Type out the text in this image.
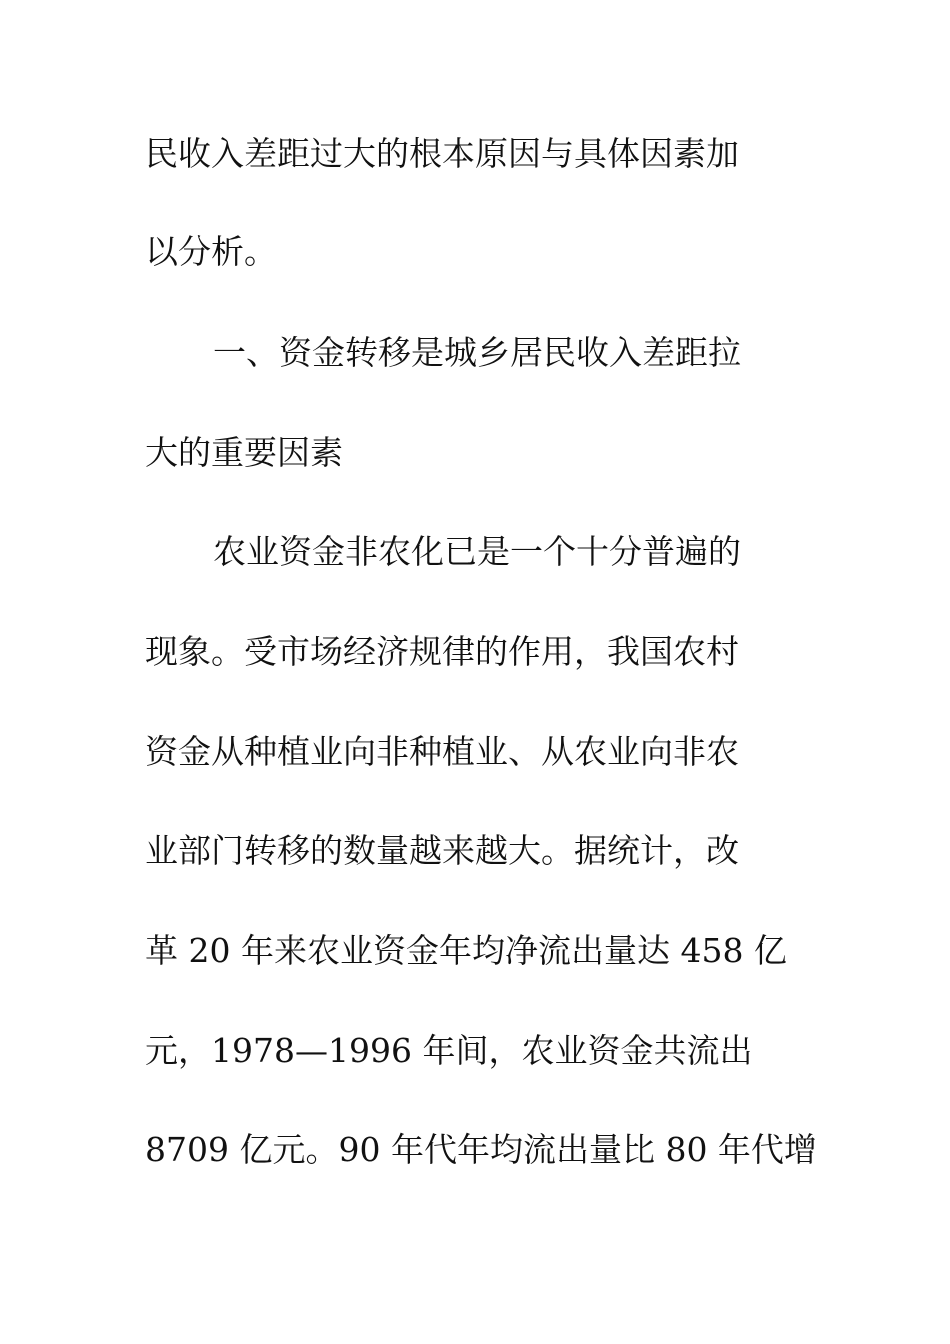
民收入差距过大的根本原因与具体因素加
以分析。
一、资金转移是城乡居民收入差距拉
大的重要因素
农业资金非农化已是一个十分普遍的
现象。受市场经济规律的作用，我国农村
资金从种植业向非种植业、从农业向非农
业部门转移的数量越来越大。据统计，改
革 20 年来农业资金年均净流出量达 458 亿
元，1978—1996 年间，农业资金共流出
8709 亿元。90 年代年均流出量比 80 年代增
